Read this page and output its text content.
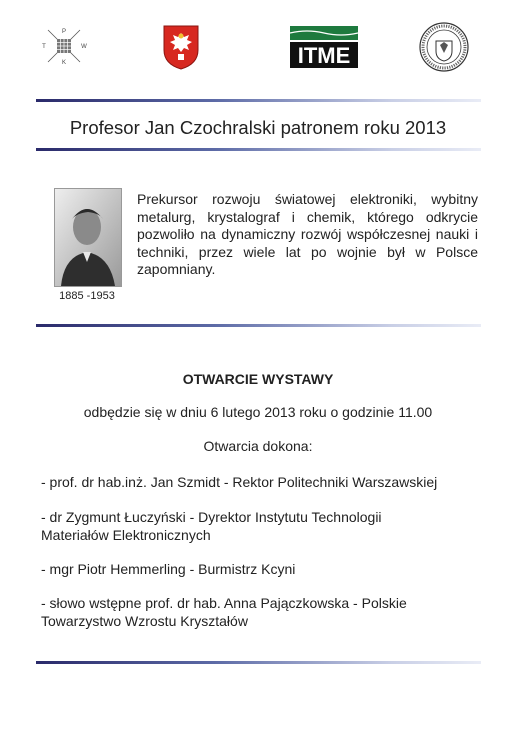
P
T	W
K	ITME
Profesor Jan Czochralski patronem roku 2013
1885 -1953
Prekursor rozwoju światowej elektroniki, wybitny metalurg, krystalograf i chemik, którego odkrycie pozwoliło na dynamiczny rozwój współczesnej nauki i techniki, przez wiele lat po wojnie był w Polsce zapomniany.
OTWARCIE WYSTAWY
odbędzie się w dniu 6 lutego 2013 roku o godzinie 11.00
Otwarcia dokona:
- prof. dr hab.inż. Jan Szmidt - Rektor Politechniki Warszawskiej
- dr Zygmunt Łuczyński - Dyrektor Instytutu Technologii Materiałów Elektronicznych
- mgr Piotr Hemmerling - Burmistrz Kcyni
- słowo wstępne prof. dr hab. Anna Pajączkowska - Polskie Towarzystwo Wzrostu Kryształów
